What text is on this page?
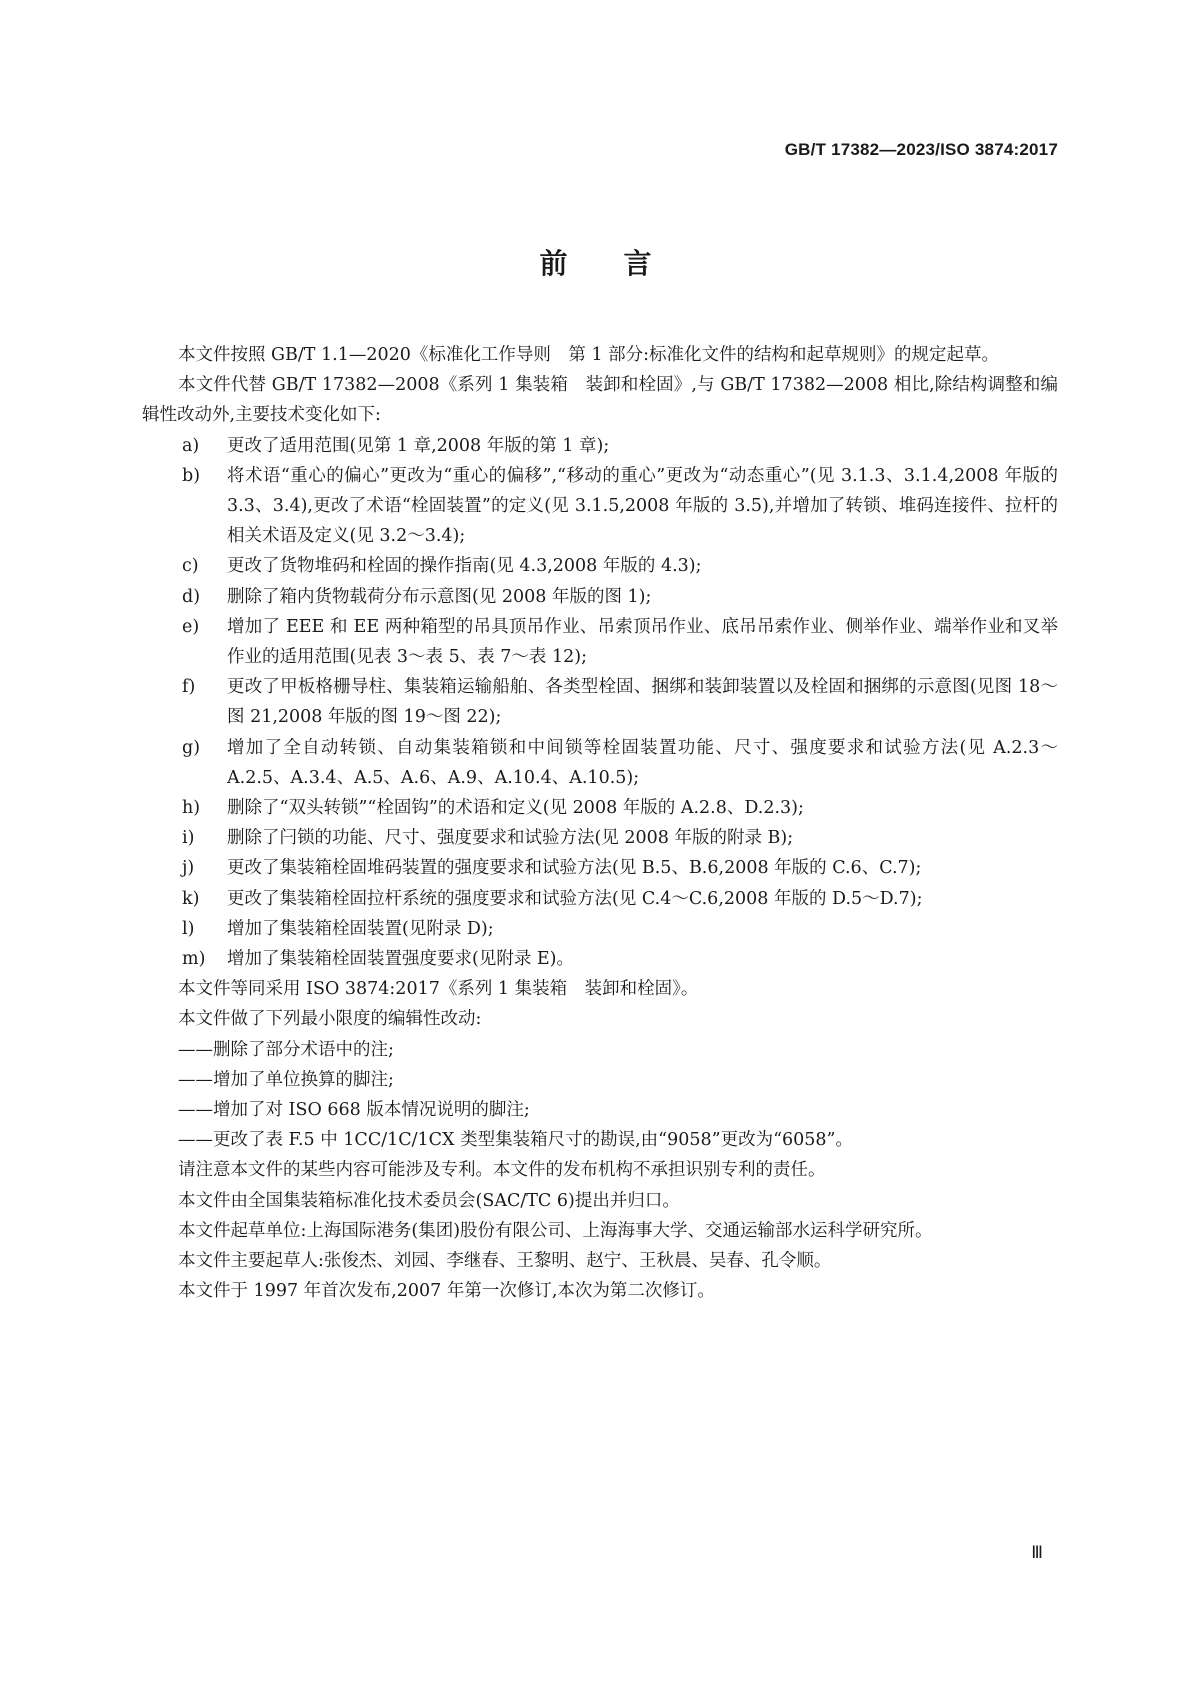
GB/T 17382—2023/ISO 3874:2017
前言

本文件按照 GB/T 1.1—2020《标准化工作导则　第 1 部分:标准化文件的结构和起草规则》的规定起草。

本文件代替 GB/T 17382—2008《系列 1 集装箱　装卸和栓固》,与 GB/T 17382—2008 相比,除结构调整和编辑性改动外,主要技术变化如下:

a)	更改了适用范围(见第 1 章,2008 年版的第 1 章);
b)	将术语“重心的偏心”更改为“重心的偏移”,“移动的重心”更改为“动态重心”(见 3.1.3、3.1.4,2008 年版的 3.3、3.4),更改了术语“栓固装置”的定义(见 3.1.5,2008 年版的 3.5),并增加了转锁、堆码连接件、拉杆的相关术语及定义(见 3.2～3.4);
c)	更改了货物堆码和栓固的操作指南(见 4.3,2008 年版的 4.3);
d)	删除了箱内货物载荷分布示意图(见 2008 年版的图 1);
e)	增加了 EEE 和 EE 两种箱型的吊具顶吊作业、吊索顶吊作业、底吊吊索作业、侧举作业、端举作业和叉举作业的适用范围(见表 3～表 5、表 7～表 12);
f)	更改了甲板格栅导柱、集装箱运输船舶、各类型栓固、捆绑和装卸装置以及栓固和捆绑的示意图(见图 18～图 21,2008 年版的图 19～图 22);
g)	增加了全自动转锁、自动集装箱锁和中间锁等栓固装置功能、尺寸、强度要求和试验方法(见 A.2.3～A.2.5、A.3.4、A.5、A.6、A.9、A.10.4、A.10.5);
h)	删除了“双头转锁”“栓固钩”的术语和定义(见 2008 年版的 A.2.8、D.2.3);
i)	删除了闩锁的功能、尺寸、强度要求和试验方法(见 2008 年版的附录 B);
j)	更改了集装箱栓固堆码装置的强度要求和试验方法(见 B.5、B.6,2008 年版的 C.6、C.7);
k)	更改了集装箱栓固拉杆系统的强度要求和试验方法(见 C.4～C.6,2008 年版的 D.5～D.7);
l)	增加了集装箱栓固装置(见附录 D);
m)	增加了集装箱栓固装置强度要求(见附录 E)。

本文件等同采用 ISO 3874:2017《系列 1 集装箱　装卸和栓固》。

本文件做了下列最小限度的编辑性改动:

——删除了部分术语中的注;

——增加了单位换算的脚注;

——增加了对 ISO 668 版本情况说明的脚注;

——更改了表 F.5 中 1CC/1C/1CX 类型集装箱尺寸的勘误,由“9058”更改为“6058”。

请注意本文件的某些内容可能涉及专利。本文件的发布机构不承担识别专利的责任。

本文件由全国集装箱标准化技术委员会(SAC/TC 6)提出并归口。

本文件起草单位:上海国际港务(集团)股份有限公司、上海海事大学、交通运输部水运科学研究所。

本文件主要起草人:张俊杰、刘园、李继春、王黎明、赵宁、王秋晨、吴春、孔令顺。

本文件于 1997 年首次发布,2007 年第一次修订,本次为第二次修订。

Ⅲ
